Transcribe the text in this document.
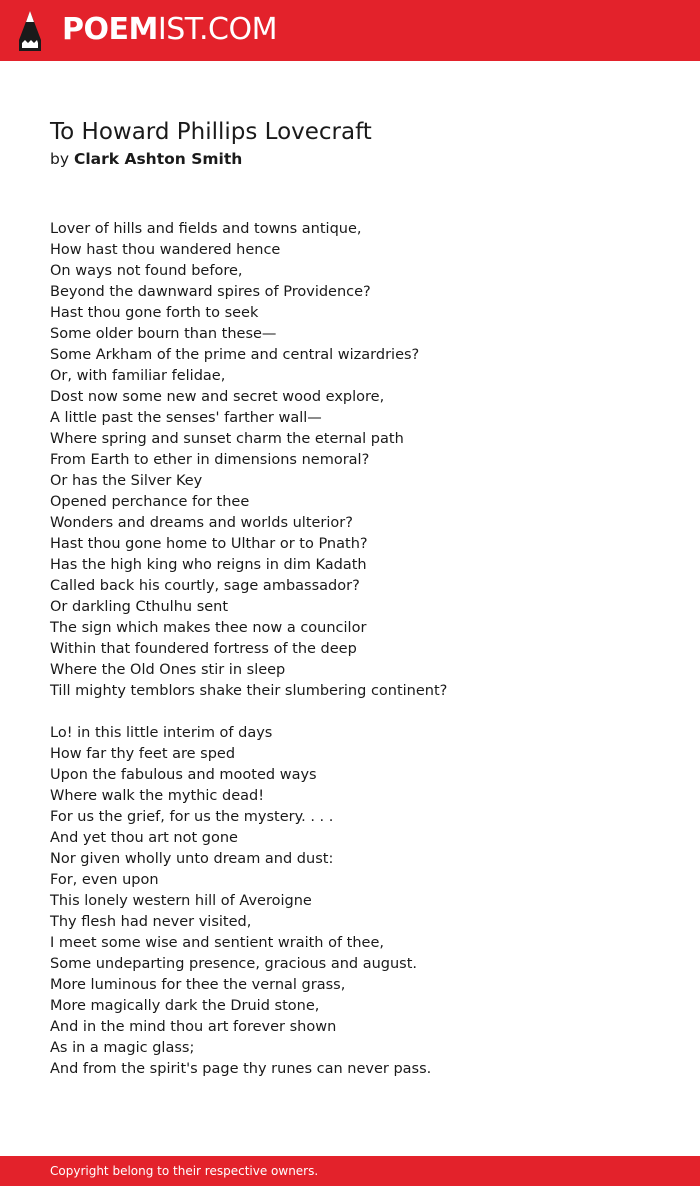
POEMIST.COM
To Howard Phillips Lovecraft
by Clark Ashton Smith
Lover of hills and fields and towns antique,
How hast thou wandered hence
On ways not found before,
Beyond the dawnward spires of Providence?
Hast thou gone forth to seek
Some older bourn than these—
Some Arkham of the prime and central wizardries?
Or, with familiar felidae,
Dost now some new and secret wood explore,
A little past the senses' farther wall—
Where spring and sunset charm the eternal path
From Earth to ether in dimensions nemoral?
Or has the Silver Key
Opened perchance for thee
Wonders and dreams and worlds ulterior?
Hast thou gone home to Ulthar or to Pnath?
Has the high king who reigns in dim Kadath
Called back his courtly, sage ambassador?
Or darkling Cthulhu sent
The sign which makes thee now a councilor
Within that foundered fortress of the deep
Where the Old Ones stir in sleep
Till mighty temblors shake their slumbering continent?
Lo! in this little interim of days
How far thy feet are sped
Upon the fabulous and mooted ways
Where walk the mythic dead!
For us the grief, for us the mystery. . . .
And yet thou art not gone
Nor given wholly unto dream and dust:
For, even upon
This lonely western hill of Averoigne
Thy flesh had never visited,
I meet some wise and sentient wraith of thee,
Some undeparting presence, gracious and august.
More luminous for thee the vernal grass,
More magically dark the Druid stone,
And in the mind thou art forever shown
As in a magic glass;
And from the spirit's page thy runes can never pass.
Copyright belong to their respective owners.
